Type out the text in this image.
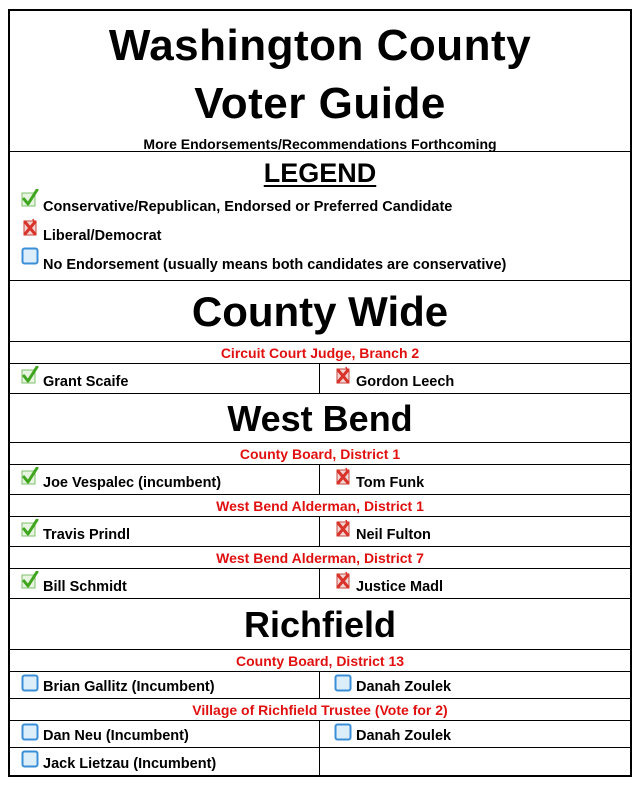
Washington County
Voter Guide
More Endorsements/Recommendations Forthcoming
LEGEND
Conservative/Republican, Endorsed or Preferred Candidate
Liberal/Democrat
No Endorsement (usually means both candidates are conservative)
County Wide
Circuit Court Judge, Branch 2
Grant Scaife	Gordon Leech
West Bend
County Board, District 1
Joe Vespalec (incumbent)	Tom Funk
West Bend Alderman, District 1
Travis Prindl	Neil Fulton
West Bend Alderman, District 7
Bill Schmidt	Justice Madl
Richfield
County Board, District 13
Brian Gallitz (Incumbent)	Danah Zoulek
Village of Richfield Trustee (Vote for 2)
Dan Neu (Incumbent)	Danah Zoulek
Jack Lietzau (Incumbent)
